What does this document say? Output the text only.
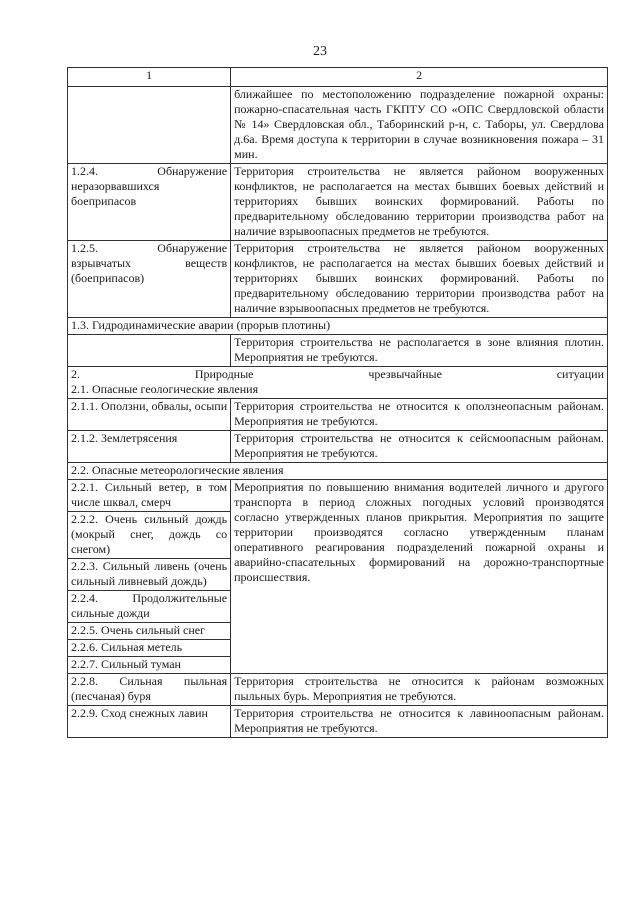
23
1	2
	ближайшее по местоположению подразделение пожарной охраны: пожарно-спасательная часть ГКПТУ СО «ОПС Свердловской области № 14» Свердловская обл., Таборинский р-н, с. Таборы, ул. Свердлова д.6а. Время доступа к территории в случае возникновения пожара – 31 мин.
1.2.4. Обнаружение неразорвавшихся боеприпасов	Территория строительства не является районом вооруженных конфликтов, не располагается на местах бывших боевых действий и территориях бывших воинских формирований. Работы по предварительному обследованию территории производства работ на наличие взрывоопасных предметов не требуются.
1.2.5. Обнаружение взрывчатых веществ (боеприпасов)	Территория строительства не является районом вооруженных конфликтов, не располагается на местах бывших боевых действий и территориях бывших воинских формирований. Работы по предварительному обследованию территории производства работ на наличие взрывоопасных предметов не требуются.
1.3. Гидродинамические аварии (прорыв плотины)	
	Территория строительства не располагается в зоне влияния плотин. Мероприятия не требуются.

2. Природные чрезвычайные ситуации
2.1. Опасные геологические явления	

2.1.1. Оползни, обвалы, осыпи	Территория строительства не относится к оползнеопасным районам. Мероприятия не требуются.
2.1.2. Землетрясения	Территория строительства не относится к сейсмоопасным районам. Мероприятия не требуются.
2.2. Опасные метеорологические явления	
2.2.1. Сильный ветер, в том числе шквал, смерч	Мероприятия по повышению внимания водителей личного и другого транспорта в период сложных погодных условий производятся согласно утвержденных планов прикрытия. Мероприятия по защите территории производятся согласно утвержденным планам оперативного реагирования подразделений пожарной охраны и аварийно-спасательных формирований на дорожно-транспортные происшествия.
2.2.2. Очень сильный дождь (мокрый снег, дождь со снегом)	
2.2.3. Сильный ливень (очень сильный ливневый дождь)	
2.2.4. Продолжительные сильные дожди	
2.2.5. Очень сильный снег	
2.2.6. Сильная метель	
2.2.7. Сильный туман	
2.2.8. Сильная пыльная (песчаная) буря	Территория строительства не относится к районам возможных пыльных бурь. Мероприятия не требуются.
2.2.9. Сход снежных лавин	Территория строительства не относится к лавиноопасным районам. Мероприятия не требуются.
